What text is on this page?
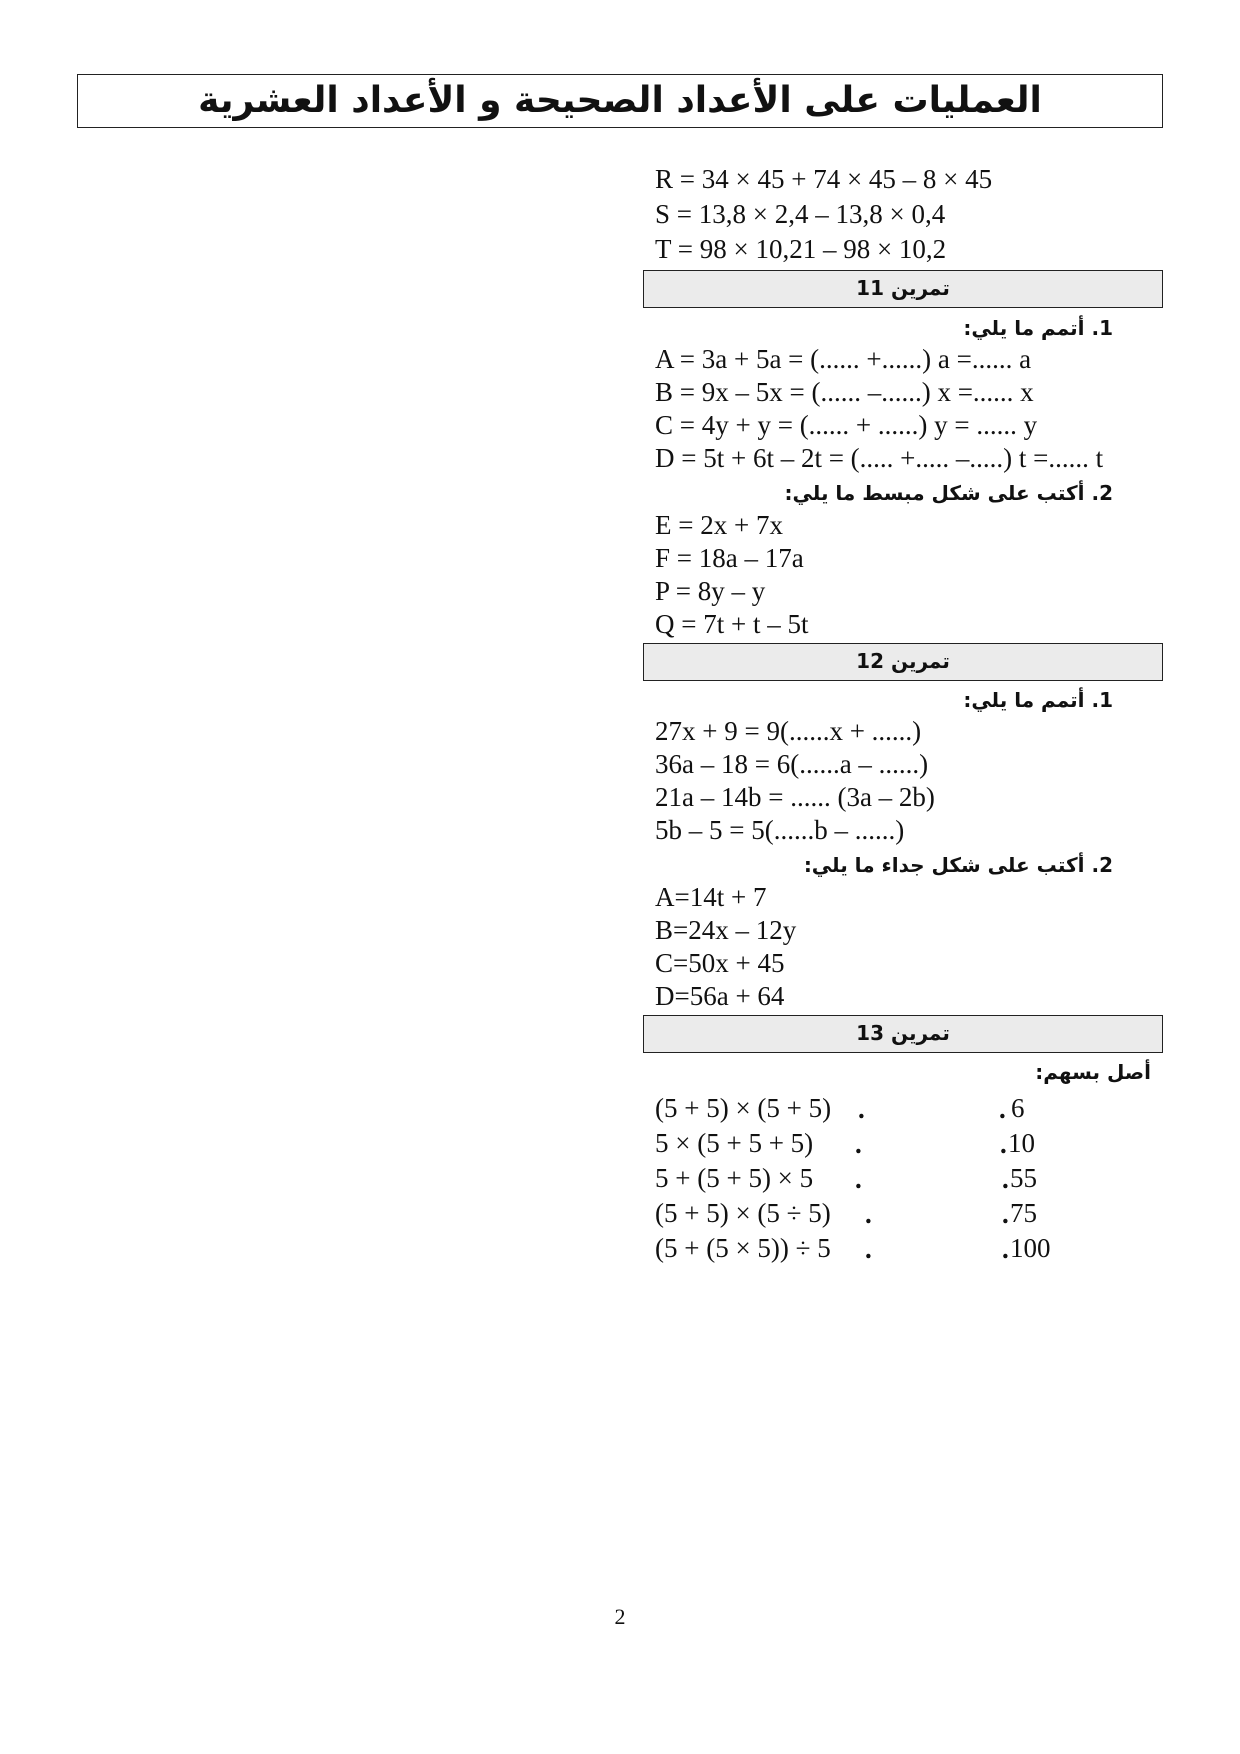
العمليات على الأعداد الصحيحة و الأعداد العشرية
R = 34 × 45 + 74 × 45 – 8 × 45
S = 13,8 × 2,4 – 13,8 × 0,4
T = 98 × 10,21 – 98 × 10,2
تمرين 11
1. أتمم ما يلي:
A = 3a + 5a = (...... +......) a =...... a
B = 9x – 5x = (...... –......) x =...... x
C = 4y + y = (...... + ......) y = ...... y
D = 5t + 6t – 2t = (..... +..... –.....) t =...... t
2. أكتب على شكل مبسط ما يلي:
E = 2x + 7x
F = 18a – 17a
P = 8y – y
Q = 7t + t – 5t
تمرين 12
1. أتمم ما يلي:
27x + 9 = 9(......x + ......)
36a – 18 = 6(......a – ......)
21a – 14b = ...... (3a – 2b)
5b – 5 = 5(......b – ......)
2. أكتب على شكل جداء ما يلي:
A=14t + 7
B=24x – 12y
C=50x + 45
D=56a + 64
تمرين 13
أصل بسهم:
(5 + 5) × (5 + 5)
5 × (5 + 5 + 5)
5 + (5 + 5) × 5
(5 + 5) × (5 ÷ 5)
(5 + (5 × 5)) ÷ 5
.
.
.
.
.
. 6
. 10
. 55
. 75
. 100
2
